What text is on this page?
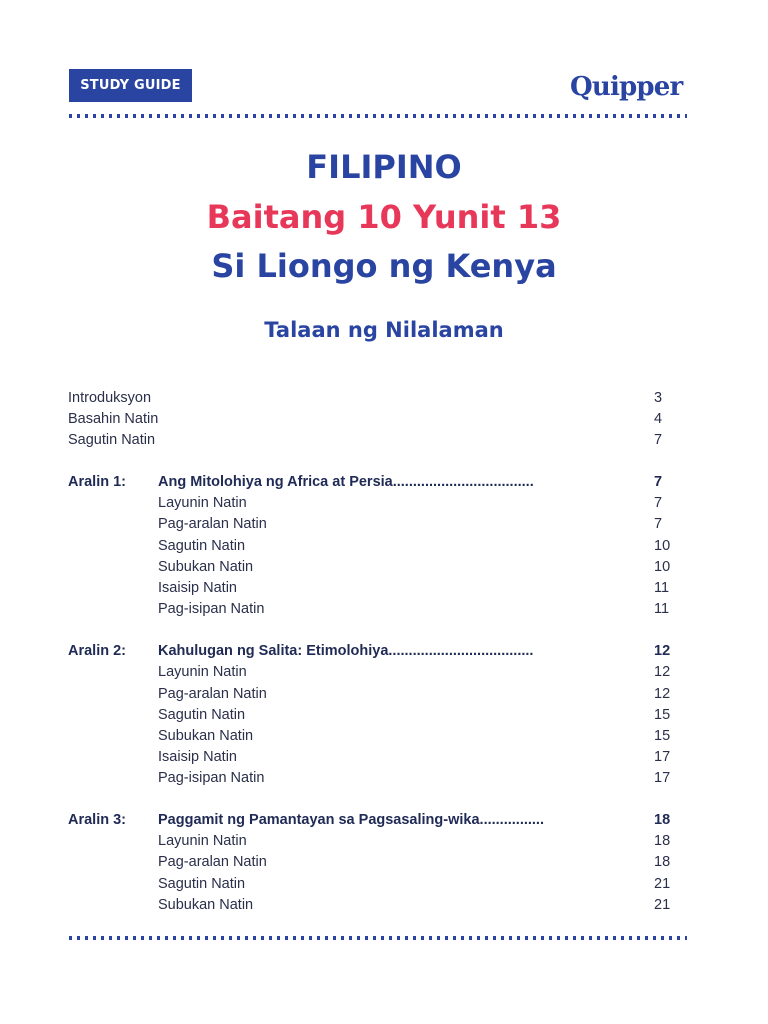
STUDY GUIDE	Quipper
FILIPINO
Baitang 10 Yunit 13
Si Liongo ng Kenya
Talaan ng Nilalaman
Introduksyon	3
Basahin Natin	4
Sagutin Natin	7
Aralin 1: Ang Mitolohiya ng Africa at Persia...................................	7
Layunin Natin	7
Pag-aralan Natin	7
Sagutin Natin	10
Subukan Natin	10
Isaisip Natin	11
Pag-isipan Natin	11
Aralin 2: Kahulugan ng Salita: Etimolohiya....................................	12
Layunin Natin	12
Pag-aralan Natin	12
Sagutin Natin	15
Subukan Natin	15
Isaisip Natin	17
Pag-isipan Natin	17
Aralin 3: Paggamit ng Pamantayan sa Pagsasaling-wika................	18
Layunin Natin	18
Pag-aralan Natin	18
Sagutin Natin	21
Subukan Natin	21
